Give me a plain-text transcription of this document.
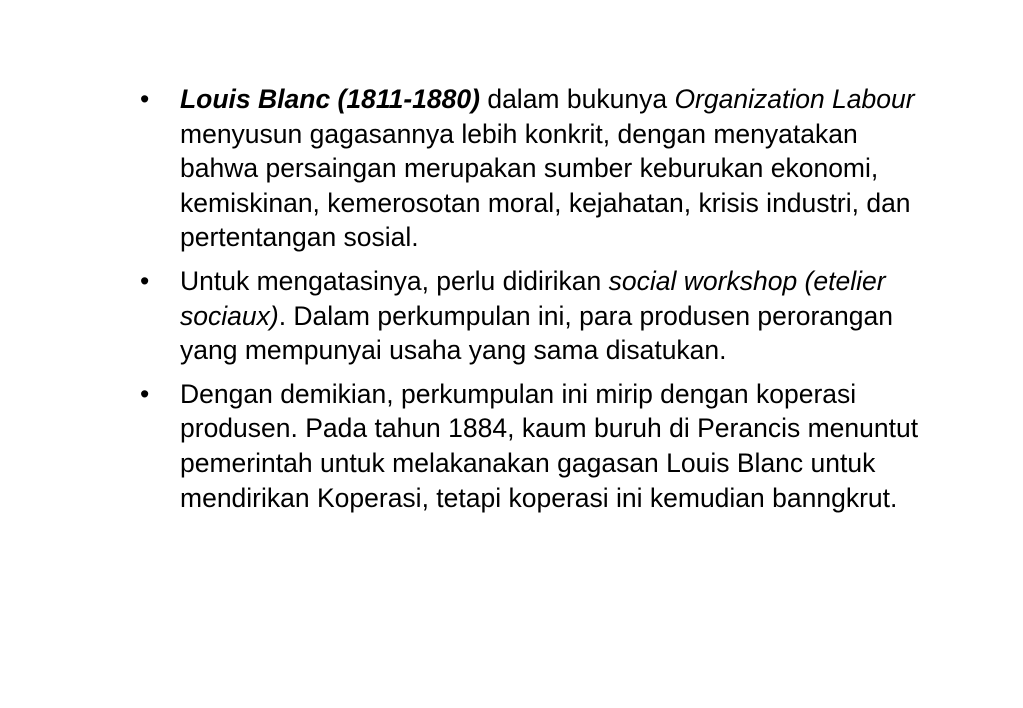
•	Louis Blanc (1811-1880) dalam bukunya Organization Labour menyusun gagasannya lebih konkrit, dengan menyatakan bahwa persaingan merupakan sumber keburukan ekonomi, kemiskinan, kemerosotan moral, kejahatan, krisis industri, dan pertentangan sosial.
•	Untuk mengatasinya, perlu didirikan social workshop (etelier sociaux). Dalam perkumpulan ini, para produsen perorangan yang mempunyai usaha yang sama disatukan.
•	Dengan demikian, perkumpulan ini mirip dengan koperasi produsen. Pada tahun 1884, kaum buruh di Perancis menuntut pemerintah untuk melakanakan gagasan Louis Blanc untuk mendirikan Koperasi, tetapi koperasi ini kemudian banngkrut.
